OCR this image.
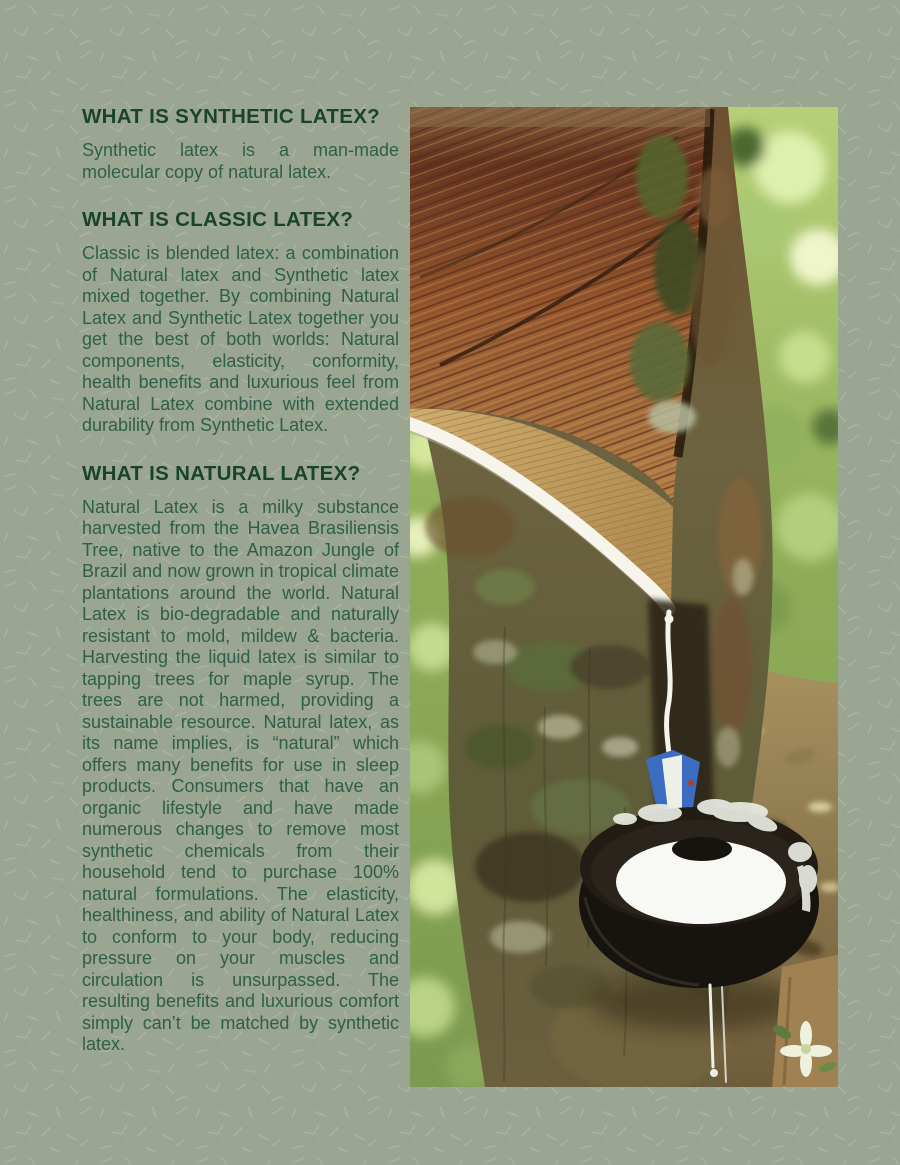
WHAT IS SYNTHETIC LATEX?

Synthetic latex is a man-made molecular copy of natural latex.

WHAT IS CLASSIC LATEX?

Classic is blended latex: a combination of Natural latex and Synthetic latex mixed together. By combining Natural Latex and Synthetic Latex together you get the best of both worlds: Natural components, elasticity, conformity, health benefits and luxurious feel from Natural Latex combine with extended durability from Synthetic Latex.

WHAT IS NATURAL LATEX?

Natural Latex is a milky substance harvested from the Havea Brasiliensis Tree, native to the Amazon Jungle of Brazil and now grown in tropical climate plantations around the world. Natural Latex is bio-degradable and naturally resistant to mold, mildew & bacteria. Harvesting the liquid latex is similar to tapping trees for maple syrup. The trees are not harmed, providing a sustainable resource. Natural latex, as its name implies, is “natural” which offers many benefits for use in sleep products. Consumers that have an organic lifestyle and have made numerous changes to remove most synthetic chemicals from their household tend to purchase 100% natural formulations. The elasticity, healthiness, and ability of Natural Latex to conform to your body, reducing pressure on your muscles and circulation is unsurpassed. The resulting benefits and luxurious comfort simply can’t be matched by synthetic latex.
